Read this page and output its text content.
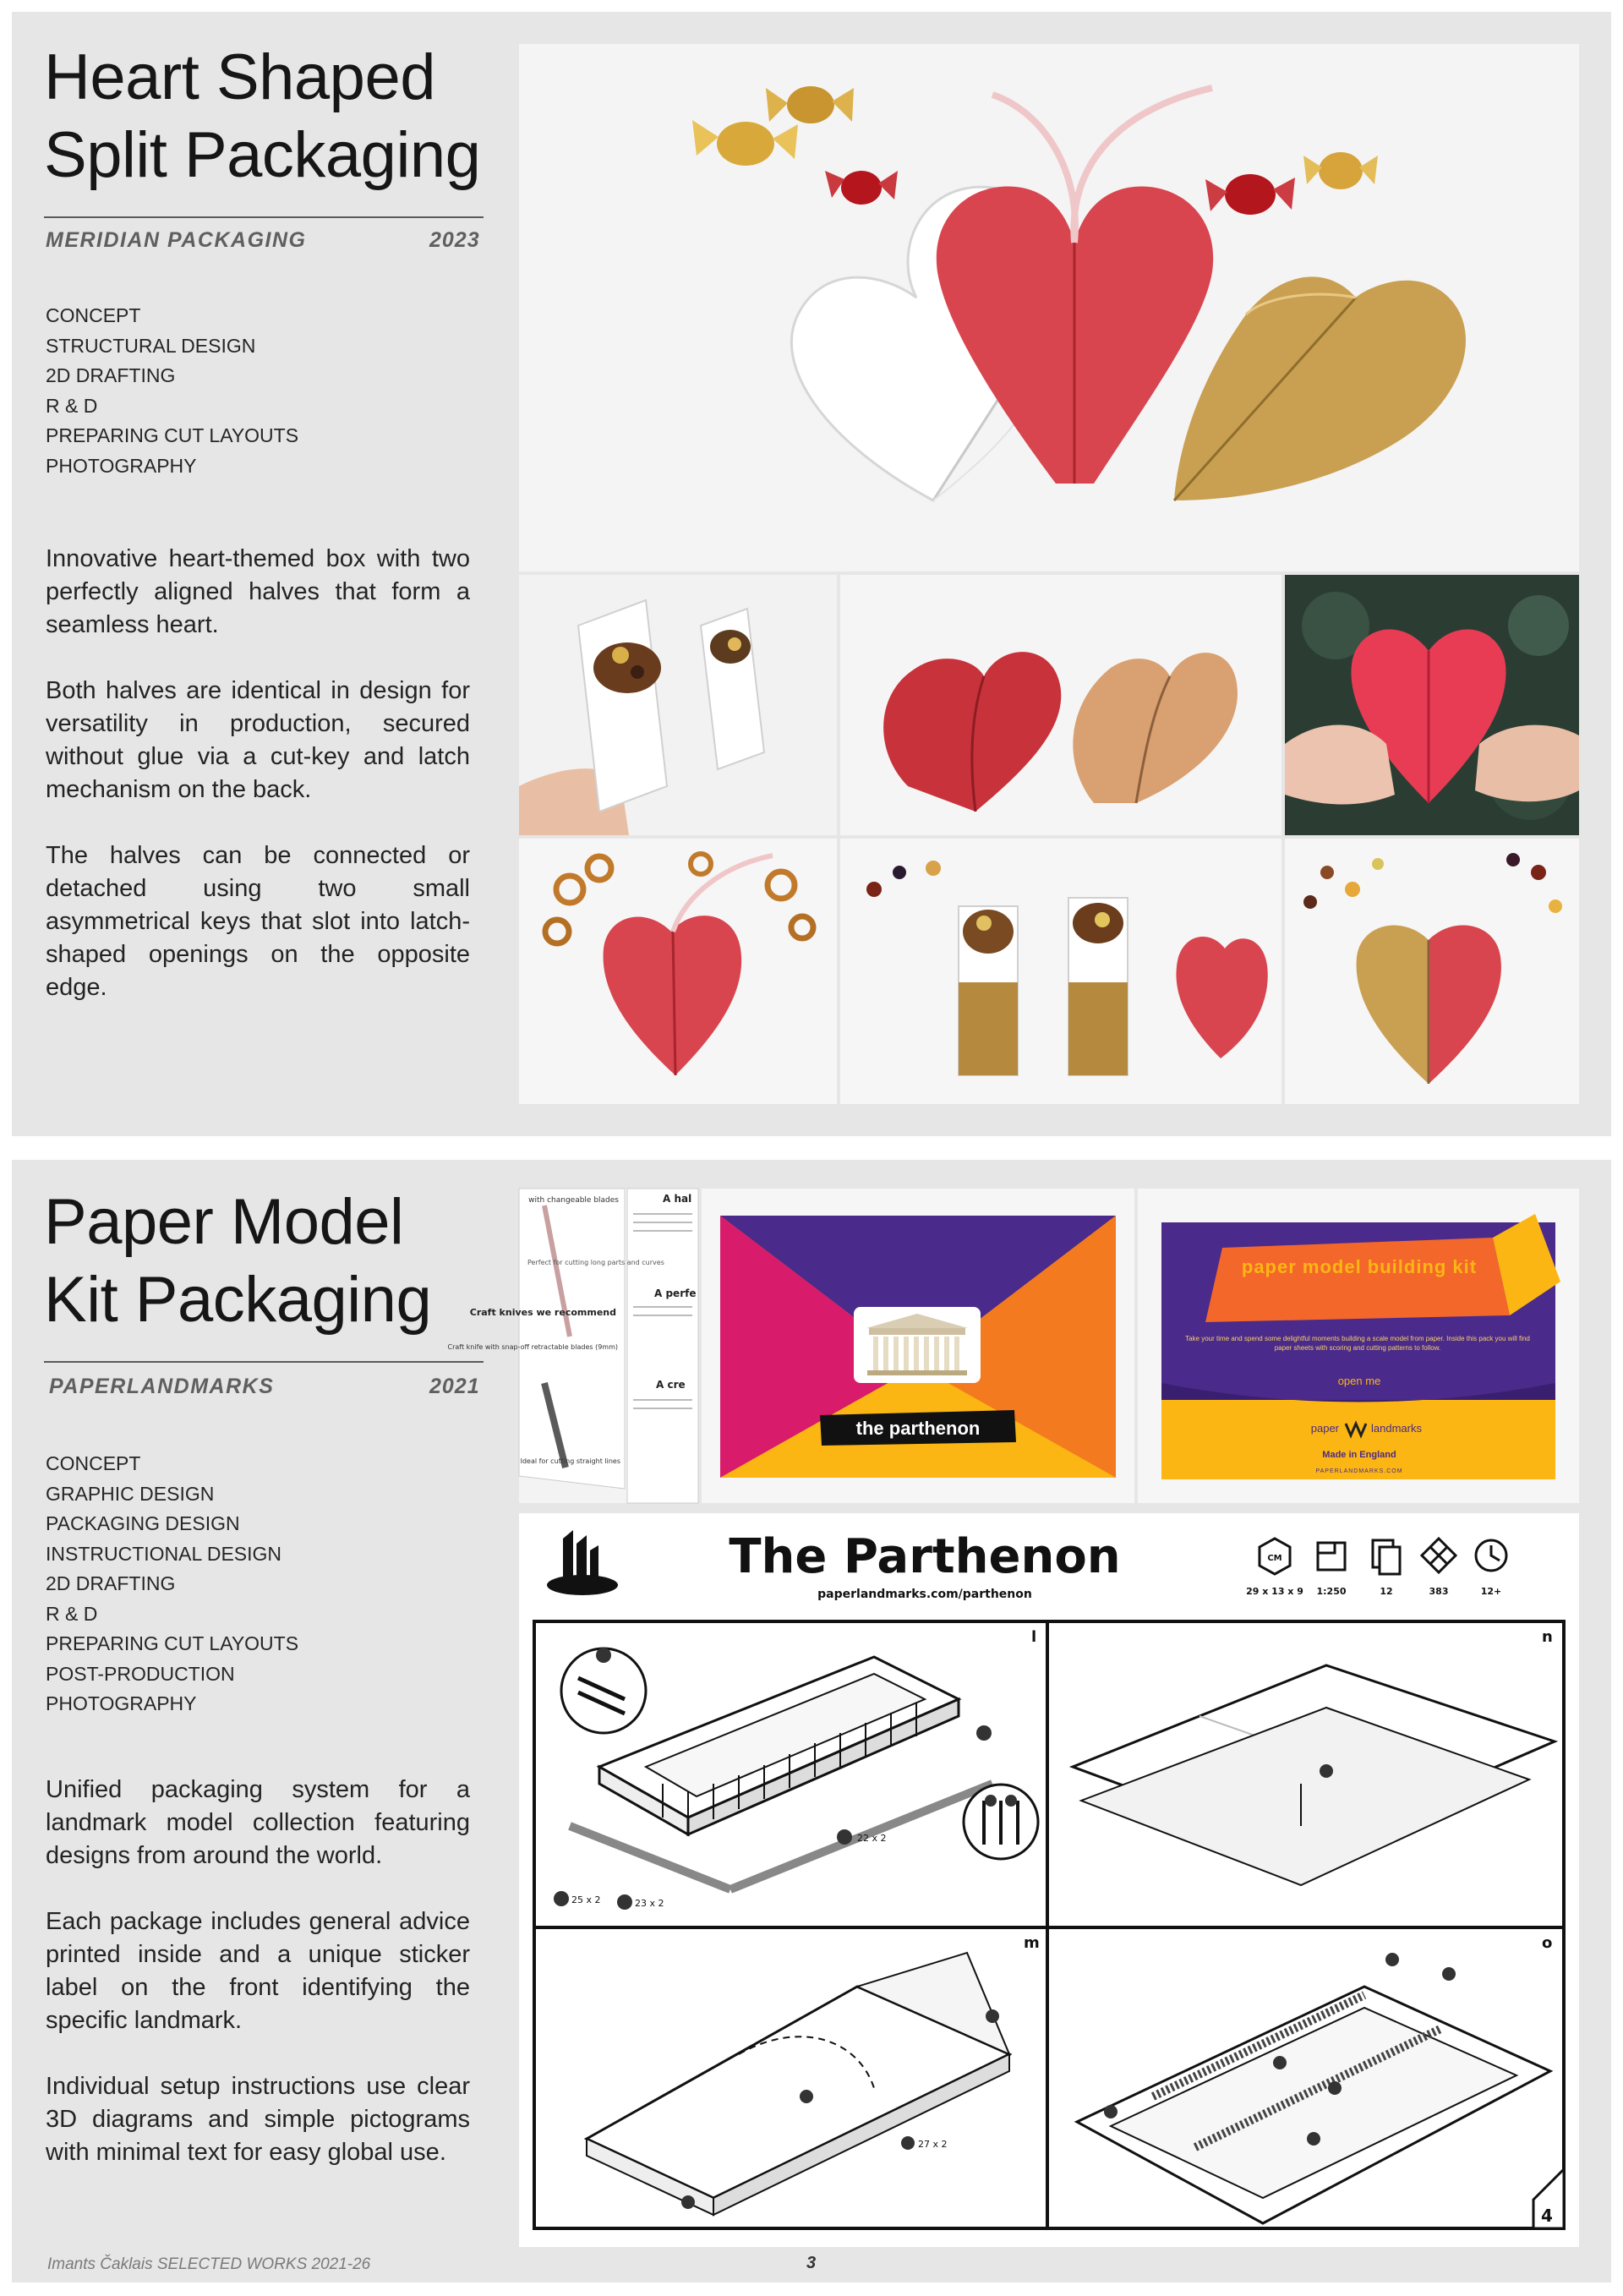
Heart Shaped
Split Packaging
MERIDIAN PACKAGING	2023
CONCEPT
STRUCTURAL DESIGN
2D DRAFTING
R & D
PREPARING CUT LAYOUTS
PHOTOGRAPHY

Innovative heart-themed box with two perfectly aligned halves that form a seamless heart.

Both halves are identical in design for versatility in production, secured without glue via a cut-key and latch mechanism on the back.

The halves can be connected or detached using two small asymmetrical keys that slot into latch-shaped openings on the opposite edge.

Paper Model
Kit Packaging
PAPERLANDMARKS	2021
CONCEPT
GRAPHIC DESIGN
PACKAGING DESIGN
INSTRUCTIONAL DESIGN
2D DRAFTING
R & D
PREPARING CUT LAYOUTS
POST-PRODUCTION
PHOTOGRAPHY

Unified packaging system for a landmark model collection featuring designs from around the world.

Each package includes general advice printed inside and a unique sticker label on the front identifying the specific landmark.

Individual setup instructions use clear 3D diagrams and simple pictograms with minimal text for easy global use.

with changeable blades
Perfect for cutting long parts and curves
Craft knives we recommend
Craft knife with snap-off retractable blades (9mm)
Ideal for cutting straight lines
A hal
A perfe
A cre
the parthenon
paper model building kit
Take your time and spend some delightful moments building a scale model from paper. Inside this pack you will find paper sheets with scoring and cutting patterns to follow.
open me
paper	landmarks
Made in England
PAPERLANDMARKS.COM
The Parthenon
paperlandmarks.com/parthenon
CM
29 x 13 x 9 1:250	12	383	12+
l	n
m	o
22 x 2
25 x 2	23 x 2
27 x 2
4
Imants Čaklais SELECTED WORKS 2021-26	3
